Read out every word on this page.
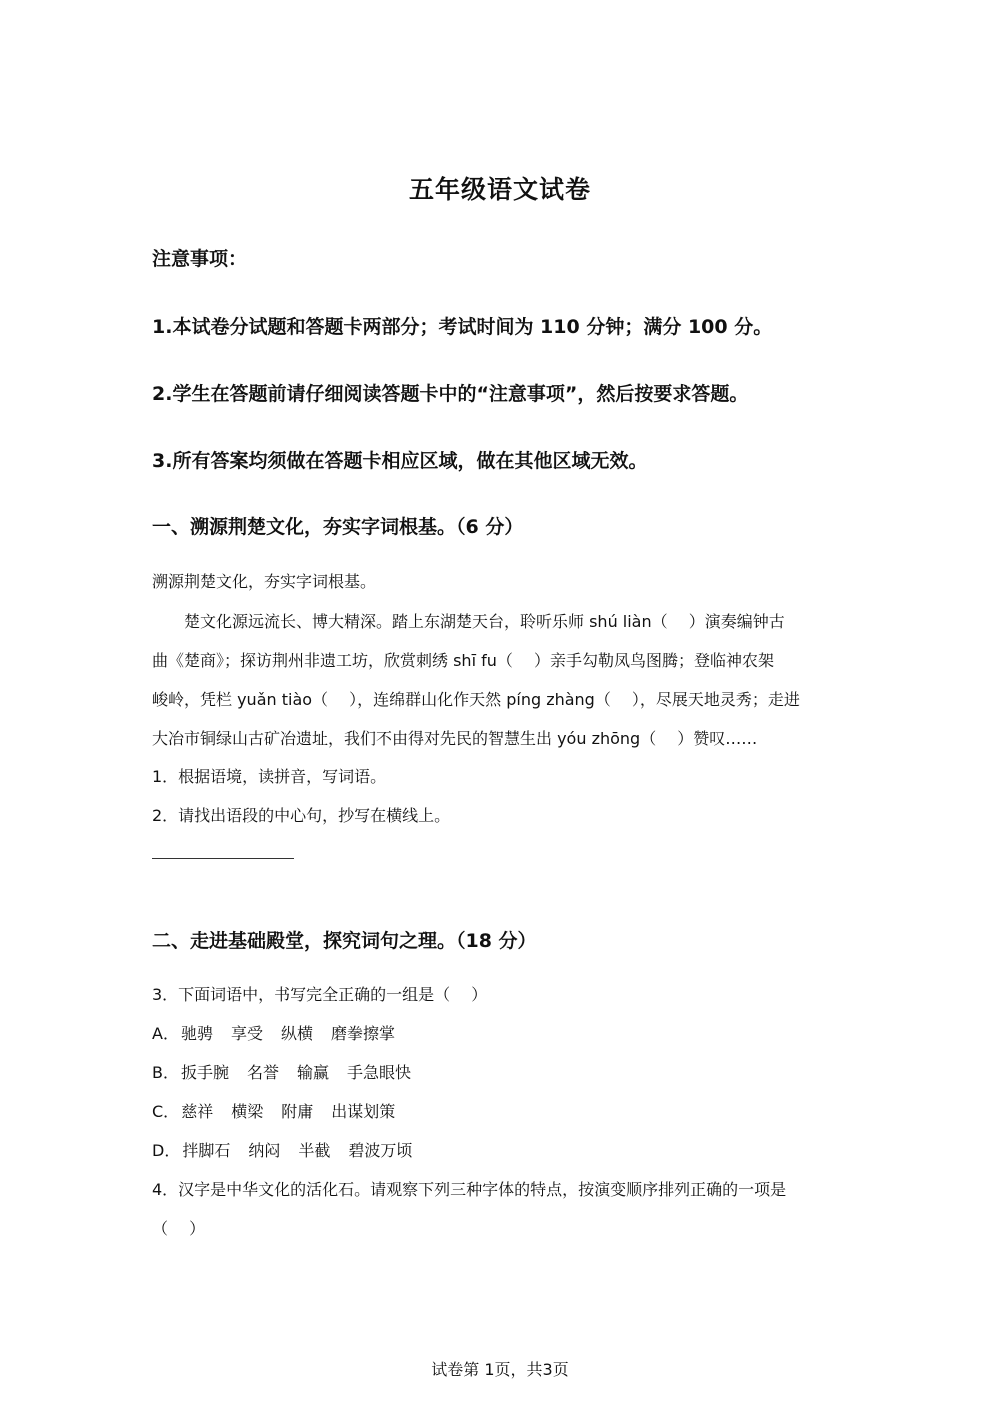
五年级语文试卷
注意事项：
1.本试卷分试题和答题卡两部分；考试时间为 110 分钟；满分 100 分。
2.学生在答题前请仔细阅读答题卡中的“注意事项”，然后按要求答题。
3.所有答案均须做在答题卡相应区域，做在其他区域无效。
一、溯源荆楚文化，夯实字词根基。（6 分）
溯源荆楚文化，夯实字词根基。
　　楚文化源远流长、博大精深。踏上东湖楚天台，聆听乐师 shú liàn（　 ）演奏编钟古
曲《楚商》；探访荆州非遗工坊，欣赏刺绣 shī fu（　 ）亲手勾勒凤鸟图腾；登临神农架
峻岭，凭栏 yuǎn tiào（　 ），连绵群山化作天然 píng zhàng（　 ），尽展天地灵秀；走进
大冶市铜绿山古矿冶遗址，我们不由得对先民的智慧生出 yóu zhōng（　 ）赞叹……
1．根据语境，读拼音，写词语。
2．请找出语段的中心句，抄写在横线上。
二、走进基础殿堂，探究词句之理。（18 分）
3．下面词语中，书写完全正确的一组是（　 ）
A． 驰骋 享受 纵横 磨拳擦掌
B． 扳手腕 名誉 输赢 手急眼快
C． 慈祥 横梁 附庸 出谋划策
D． 拌脚石 纳闷 半截 碧波万顷
4．汉字是中华文化的活化石。请观察下列三种字体的特点，按演变顺序排列正确的一项是
（　 ）
试卷第 1页，共3页
